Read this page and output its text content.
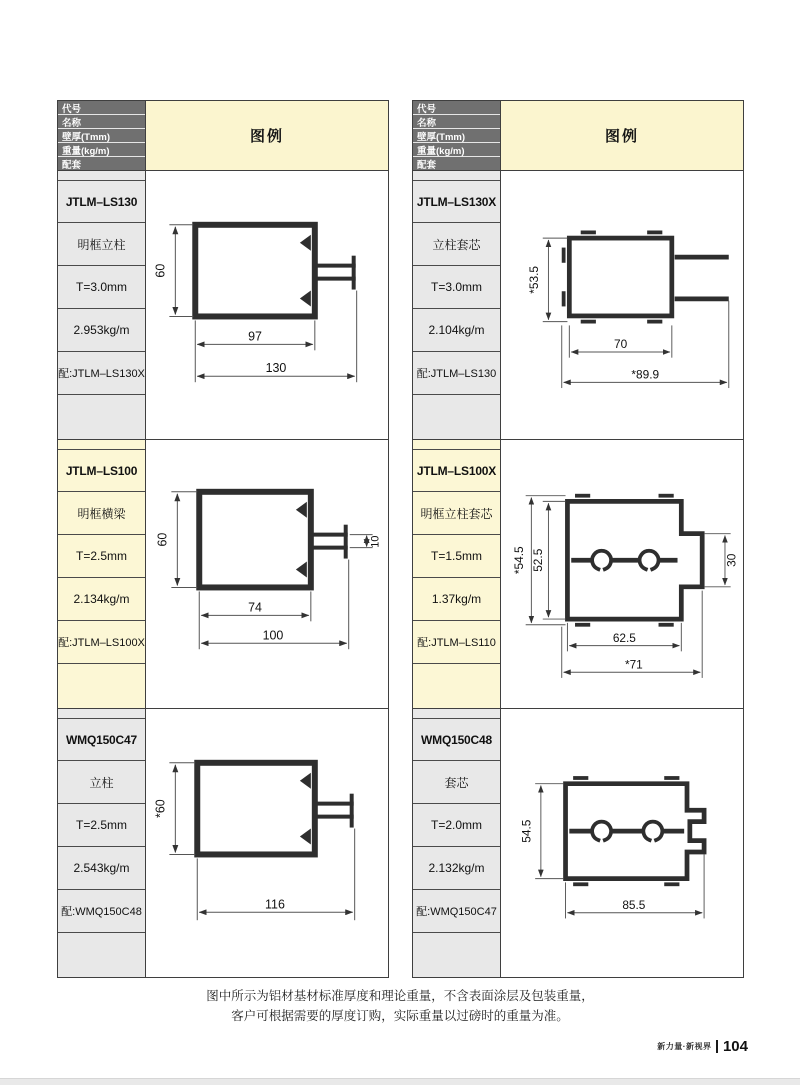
代号
名称
壁厚(Tmm)
重量(kg/m)
配套
图例
JTLM–LS130
明框立柱
T=3.0mm
2.953kg/m
配:JTLM–LS130X
60
97
130
JTLM–LS100
明框横梁
T=2.5mm
2.134kg/m
配:JTLM–LS100X
60	10
74
100
WMQ150C47
立柱
T=2.5mm
2.543kg/m
配:WMQ150C48
*60
116
代号
名称
壁厚(Tmm)
重量(kg/m)
配套
图例
JTLM–LS130X
立柱套芯
T=3.0mm
2.104kg/m
配:JTLM–LS130
*53.5
70
*89.9
JTLM–LS100X
明框立柱套芯
T=1.5mm
1.37kg/m
配:JTLM–LS110
*54.5 52.5	30
62.5
*71
WMQ150C48
套芯
T=2.0mm
2.132kg/m
配:WMQ150C47
54.5
85.5
图中所示为铝材基材标准厚度和理论重量，不含表面涂层及包装重量，
客户可根据需要的厚度订购，实际重量以过磅时的重量为准。
新力量·新视界 104
